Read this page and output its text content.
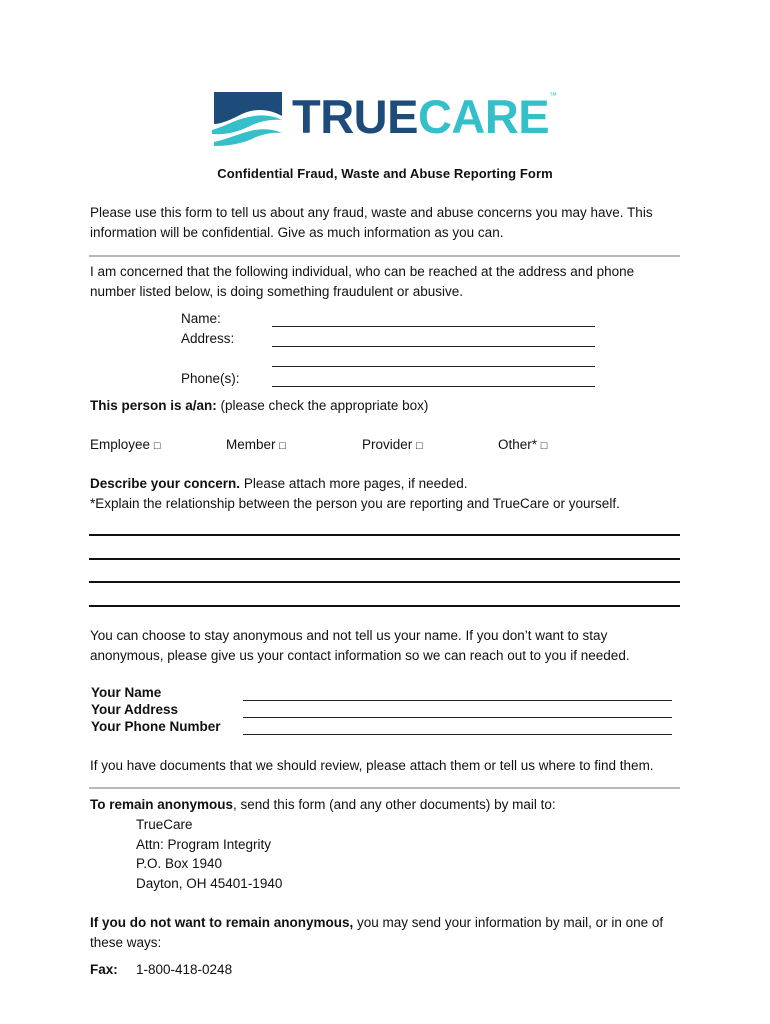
TRUECARE ™
Confidential Fraud, Waste and Abuse Reporting Form
Please use this form to tell us about any fraud, waste and abuse concerns you may have. This
information will be confidential. Give as much information as you can.
I am concerned that the following individual, who can be reached at the address and phone
number listed below, is doing something fraudulent or abusive.
Name:
Address:
Phone(s):
This person is a/an: (please check the appropriate box)
Employee □	Member □	Provider □	Other* □
Describe your concern. Please attach more pages, if needed.
*Explain the relationship between the person you are reporting and TrueCare or yourself.
You can choose to stay anonymous and not tell us your name. If you don’t want to stay
anonymous, please give us your contact information so we can reach out to you if needed.
Your Name
Your Address
Your Phone Number
If you have documents that we should review, please attach them or tell us where to find them.
To remain anonymous, send this form (and any other documents) by mail to:
TrueCare
Attn: Program Integrity
P.O. Box 1940
Dayton, OH 45401-1940
If you do not want to remain anonymous, you may send your information by mail, or in one of
these ways:
Fax: 1-800-418-0248
